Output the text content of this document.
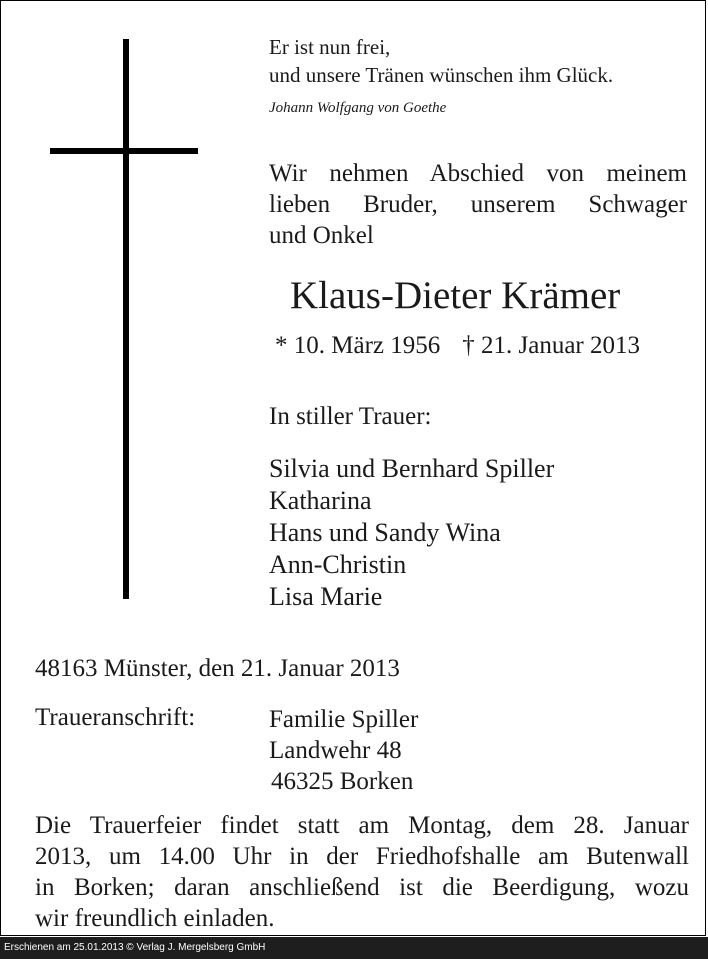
Er ist nun frei,
und unsere Tränen wünschen ihm Glück.
Johann Wolfgang von Goethe
Wir nehmen Abschied von meinem
lieben Bruder, unserem Schwager
und Onkel
Klaus-Dieter Krämer
* 10. März 1956 † 21. Januar 2013
In stiller Trauer:
Silvia und Bernhard Spiller
Katharina
Hans und Sandy Wina
Ann-Christin
Lisa Marie
48163 Münster, den 21. Januar 2013
Traueranschrift:	Familie Spiller
Landwehr 48
46325 Borken
Die Trauerfeier findet statt am Montag, dem 28. Januar
2013, um 14.00 Uhr in der Friedhofshalle am Butenwall
in Borken; daran anschließend ist die Beerdigung, wozu
wir freundlich einladen.
Erschienen am 25.01.2013 © Verlag J. Mergelsberg GmbH
